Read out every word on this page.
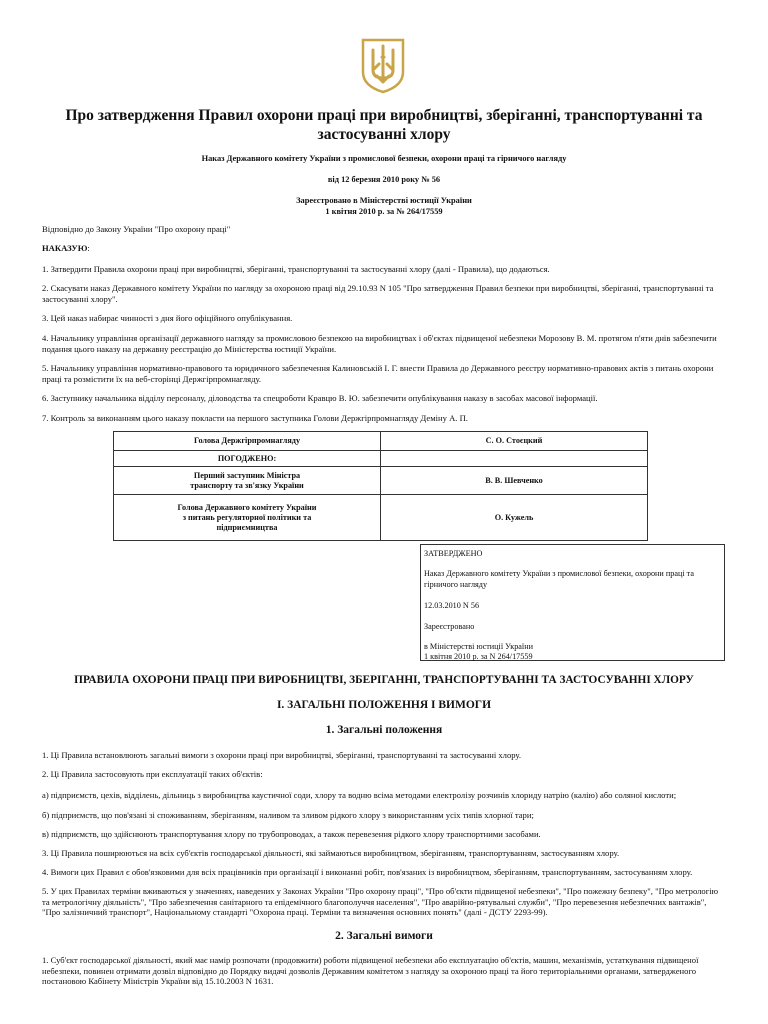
Про затвердження Правил охорони праці при виробництві, зберіганні, транспортуванні та застосуванні хлору
Наказ Державного комітету України з промислової безпеки, охорони праці та гірничого нагляду
від 12 березня 2010 року № 56
Зареєстровано в Міністерстві юстиції України
1 квітня 2010 р. за № 264/17559
Відповідно до Закону України "Про охорону праці"
НАКАЗУЮ:
1. Затвердити Правила охорони праці при виробництві, зберіганні, транспортуванні та застосуванні хлору (далі - Правила), що додаються.
2. Скасувати наказ Державного комітету України по нагляду за охороною праці від 29.10.93 N 105 "Про затвердження Правил безпеки при виробництві, зберіганні, транспортуванні та застосуванні хлору".
3. Цей наказ набирає чинності з дня його офіційного опублікування.
4. Начальнику управління організації державного нагляду за промисловою безпекою на виробництвах і об'єктах підвищеної небезпеки Морозову В. М. протягом п'яти днів забезпечити подання цього наказу на державну реєстрацію до Міністерства юстиції України.
5. Начальнику управління нормативно-правового та юридичного забезпечення Калиновській І. Г. внести Правила до Державного реєстру нормативно-правових актів з питань охорони праці та розмістити їх на веб-сторінці Держгірпромнагляду.
6. Заступнику начальника відділу персоналу, діловодства та спецроботи Кравцю В. Ю. забезпечити опублікування наказу в засобах масової інформації.
7. Контроль за виконанням цього наказу покласти на першого заступника Голови Держгірпромнагляду Деміну А. П.
Голова Держгірпромнагляду	С. О. Стоєцкий
ПОГОДЖЕНО:	

Перший заступник Міністра
транспорту та зв'язку України	В. В. Шевченко

Голова Державного комітету України
з питань регуляторної політики та
підприємництва	О. Кужель
ЗАТВЕРДЖЕНО
Наказ Державного комітету України з промислової безпеки, охорони праці та
гірничого нагляду
12.03.2010 N 56
Зареєстровано
в Міністерстві юстиції України
1 квітня 2010 р. за N 264/17559
ПРАВИЛА ОХОРОНИ ПРАЦІ ПРИ ВИРОБНИЦТВІ, ЗБЕРІГАННІ, ТРАНСПОРТУВАННІ ТА ЗАСТОСУВАННІ ХЛОРУ
I. ЗАГАЛЬНІ ПОЛОЖЕННЯ І ВИМОГИ
1. Загальні положення
1. Ці Правила встановлюють загальні вимоги з охорони праці при виробництві, зберіганні, транспортуванні та застосуванні хлору.
2. Ці Правила застосовують при експлуатації таких об'єктів:
а) підприємств, цехів, відділень, дільниць з виробництва каустичної соди, хлору та водню всіма методами електролізу розчинів хлориду натрію (калію) або соляної кислоти;
б) підприємств, що пов'язані зі споживанням, зберіганням, наливом та зливом рідкого хлору з використанням усіх типів хлорної тари;
в) підприємств, що здійснюють транспортування хлору по трубопроводах, а також перевезення рідкого хлору транспортними засобами.
3. Ці Правила поширюються на всіх суб'єктів господарської діяльності, які займаються виробництвом, зберіганням, транспортуванням, застосуванням хлору.
4. Вимоги цих Правил є обов'язковими для всіх працівників при організації і виконанні робіт, пов'язаних із виробництвом, зберіганням, транспортуванням, застосуванням хлору.
5. У цих Правилах терміни вживаються у значеннях, наведених у Законах України "Про охорону праці", "Про об'єкти підвищеної небезпеки", "Про пожежну безпеку", "Про метрологію та метрологічну діяльність", "Про забезпечення санітарного та епідемічного благополуччя населення", "Про аварійно-рятувальні служби", "Про перевезення небезпечних вантажів", "Про залізничний транспорт", Національному стандарті "Охорона праці. Терміни та визначення основних понять" (далі - ДСТУ 2293-99).
2. Загальні вимоги
1. Суб'єкт господарської діяльності, який має намір розпочати (продовжити) роботи підвищеної небезпеки або експлуатацію об'єктів, машин, механізмів, устаткування підвищеної небезпеки, повинен отримати дозвіл відповідно до Порядку видачі дозволів Державним комітетом з нагляду за охороною праці та його територіальними органами, затвердженого постановою Кабінету Міністрів України від 15.10.2003 N 1631.
